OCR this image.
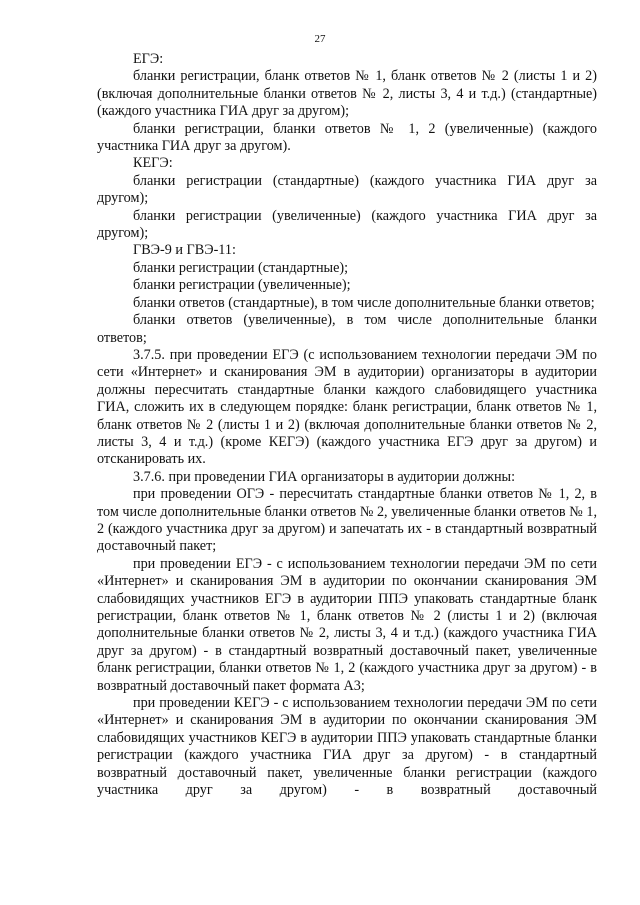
27

ЕГЭ:

бланки регистрации, бланк ответов № 1, бланк ответов № 2 (листы 1 и 2) (включая дополнительные бланки ответов № 2, листы 3, 4 и т.д.) (стандартные) (каждого участника ГИА друг за другом);

бланки регистрации, бланки ответов № 1, 2 (увеличенные) (каждого участника ГИА друг за другом).

КЕГЭ:

бланки регистрации (стандартные) (каждого участника ГИА друг за другом);

бланки регистрации (увеличенные) (каждого участника ГИА друг за другом);

ГВЭ-9 и ГВЭ-11:

бланки регистрации (стандартные);

бланки регистрации (увеличенные);

бланки ответов (стандартные), в том числе дополнительные бланки ответов;

бланки ответов (увеличенные), в том числе дополнительные бланки ответов;

3.7.5. при проведении ЕГЭ (с использованием технологии передачи ЭМ по сети «Интернет» и сканирования ЭМ в аудитории) организаторы в аудитории должны пересчитать стандартные бланки каждого слабовидящего участника ГИА, сложить их в следующем порядке: бланк регистрации, бланк ответов № 1, бланк ответов № 2 (листы 1 и 2) (включая дополнительные бланки ответов № 2, листы 3, 4 и т.д.) (кроме КЕГЭ) (каждого участника ЕГЭ друг за другом) и отсканировать их.

3.7.6. при проведении ГИА организаторы в аудитории должны:

при проведении ОГЭ - пересчитать стандартные бланки ответов № 1, 2, в том числе дополнительные бланки ответов № 2, увеличенные бланки ответов № 1, 2 (каждого участника друг за другом) и запечатать их - в стандартный возвратный доставочный пакет;

при проведении ЕГЭ - с использованием технологии передачи ЭМ по сети «Интернет» и сканирования ЭМ в аудитории по окончании сканирования ЭМ слабовидящих участников ЕГЭ в аудитории ППЭ упаковать стандартные бланк регистрации, бланк ответов № 1, бланк ответов № 2 (листы 1 и 2) (включая дополнительные бланки ответов № 2, листы 3, 4 и т.д.) (каждого участника ГИА друг за другом) - в стандартный возвратный доставочный пакет, увеличенные бланк регистрации, бланки ответов № 1, 2 (каждого участника друг за другом) - в возвратный доставочный пакет формата А3;

при проведении КЕГЭ - с использованием технологии передачи ЭМ по сети «Интернет» и сканирования ЭМ в аудитории по окончании сканирования ЭМ слабовидящих участников КЕГЭ в аудитории ППЭ упаковать стандартные бланки регистрации (каждого участника ГИА друг за другом) - в стандартный возвратный доставочный пакет, увеличенные бланки регистрации (каждого участника друг за другом) - в возвратный доставочный
